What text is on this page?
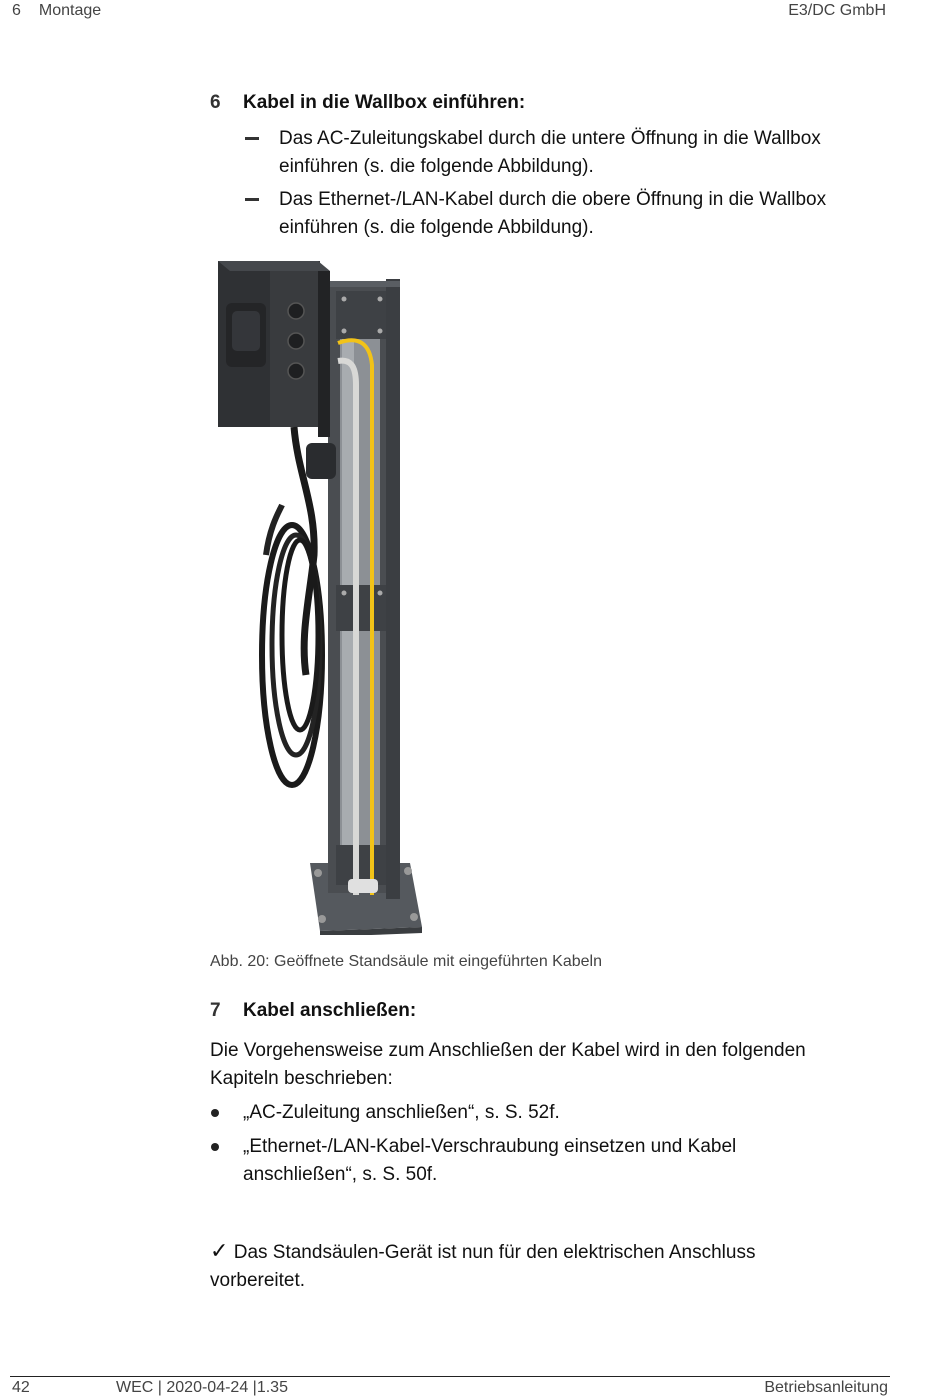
6 Montage	E3/DC GmbH
6 Kabel in die Wallbox einführen:
Das AC-Zuleitungskabel durch die untere Öffnung in die Wallbox einführen (s. die folgende Abbildung).
Das Ethernet-/LAN-Kabel durch die obere Öffnung in die Wallbox einführen (s. die folgende Abbildung).
Abb. 20: Geöffnete Standsäule mit eingeführten Kabeln
7 Kabel anschließen:
Die Vorgehensweise zum Anschließen der Kabel wird in den folgenden Kapiteln beschrieben:
„AC-Zuleitung anschließen“, s. S. 52f.
„Ethernet-/LAN-Kabel-Verschraubung einsetzen und Kabel anschließen“, s. S. 50f.
✓ Das Standsäulen-Gerät ist nun für den elektrischen Anschluss vorbereitet.
42	WEC | 2020-04-24 |1.35	Betriebsanleitung
